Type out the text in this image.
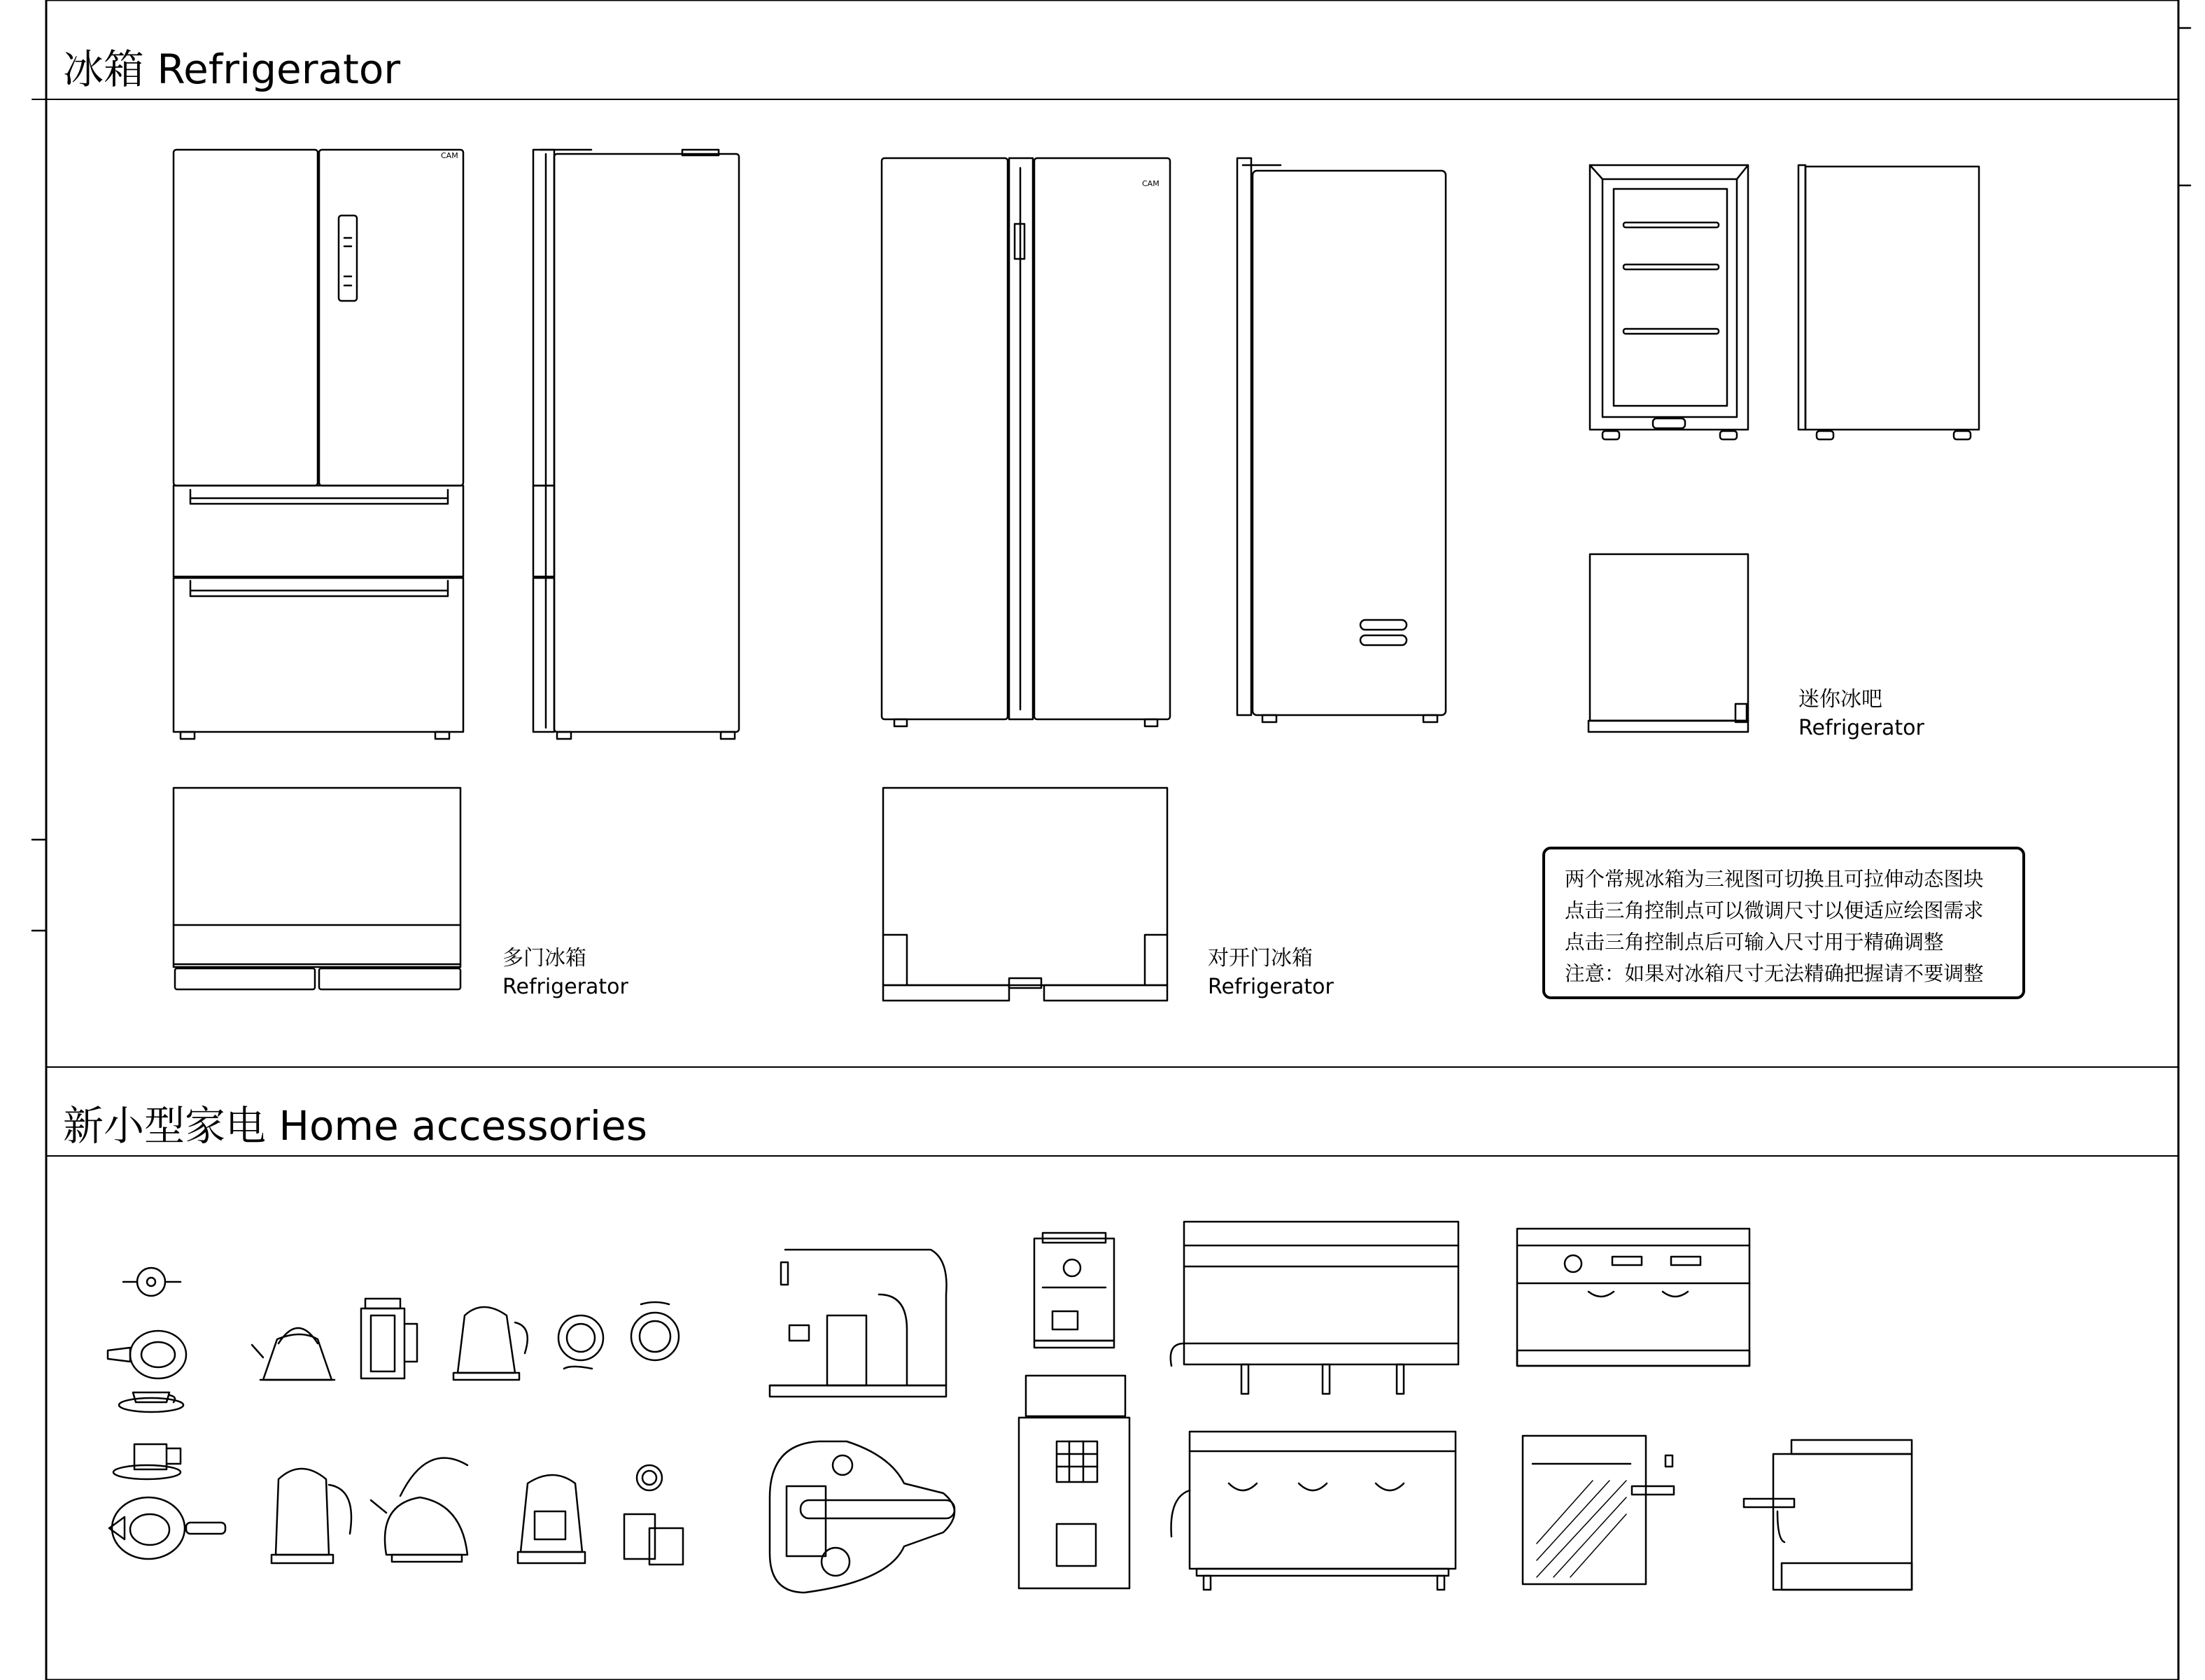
CAM
CAM
冰箱 Refrigerator
新小型家电 Home accessories
多门冰箱
Refrigerator
对开门冰箱
Refrigerator
迷你冰吧
Refrigerator
两个常规冰箱为三视图可切换且可拉伸动态图块
点击三角控制点可以微调尺寸以便适应绘图需求
点击三角控制点后可输入尺寸用于精确调整
注意：如果对冰箱尺寸无法精确把握请不要调整
